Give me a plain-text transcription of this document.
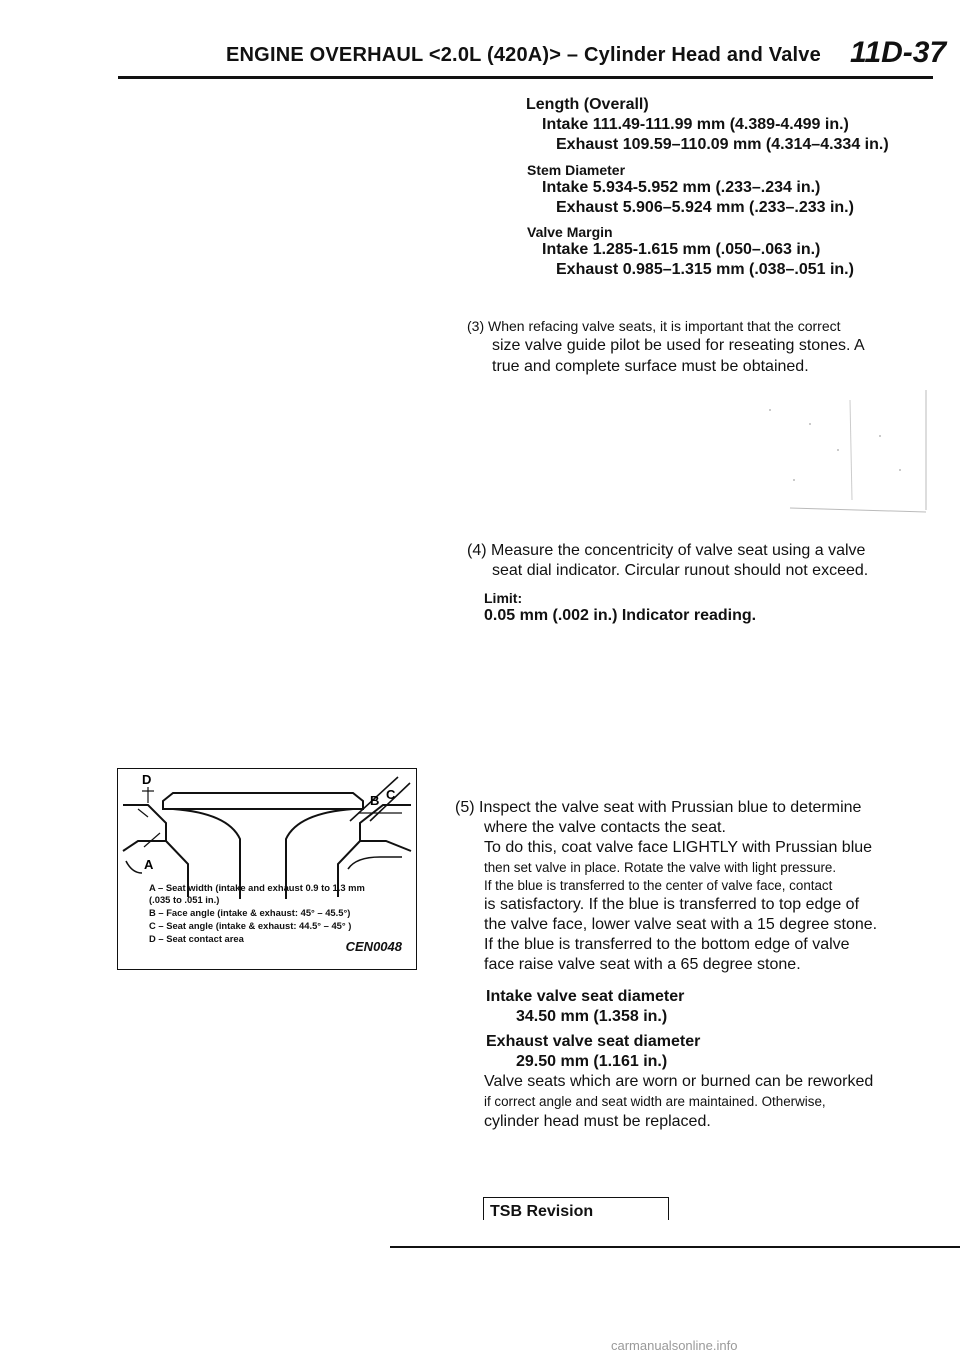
ENGINE OVERHAUL <2.0L (420A)> – Cylinder Head and Valve 11D-37
Length (Overall)
Intake 111.49-111.99 mm (4.389-4.499 in.)
Exhaust 109.59–110.09 mm (4.314–4.334 in.)
Stem Diameter
Intake 5.934-5.952 mm (.233–.234 in.)
Exhaust 5.906–5.924 mm (.233–.233 in.)
Valve Margin
Intake 1.285-1.615 mm (.050–.063 in.)
Exhaust 0.985–1.315 mm (.038–.051 in.)
(3) When refacing valve seats, it is important that the correct
size valve guide pilot be used for reseating stones. A
true and complete surface must be obtained.
(4) Measure the concentricity of valve seat using a valve
seat dial indicator. Circular runout should not exceed.
Limit:
0.05 mm (.002 in.) Indicator reading.
D
A
B C
A – Seat width (intake and exhaust 0.9 to 1.3 mm
(.035 to .051 in.)
B – Face angle (intake & exhaust: 45° – 45.5°)
C – Seat angle (intake & exhaust: 44.5° – 45° )
D – Seat contact area
CEN0048
(5) Inspect the valve seat with Prussian blue to determine
where the valve contacts the seat.
To do this, coat valve face LIGHTLY with Prussian blue
then set valve in place. Rotate the valve with light pressure.
If the blue is transferred to the center of valve face, contact
is satisfactory. If the blue is transferred to top edge of
the valve face, lower valve seat with a 15 degree stone.
If the blue is transferred to the bottom edge of valve
face raise valve seat with a 65 degree stone.
Intake valve seat diameter
34.50 mm (1.358 in.)
Exhaust valve seat diameter
29.50 mm (1.161 in.)
Valve seats which are worn or burned can be reworked
if correct angle and seat width are maintained. Otherwise,
cylinder head must be replaced.
TSB Revision
carmanualsonline.info
